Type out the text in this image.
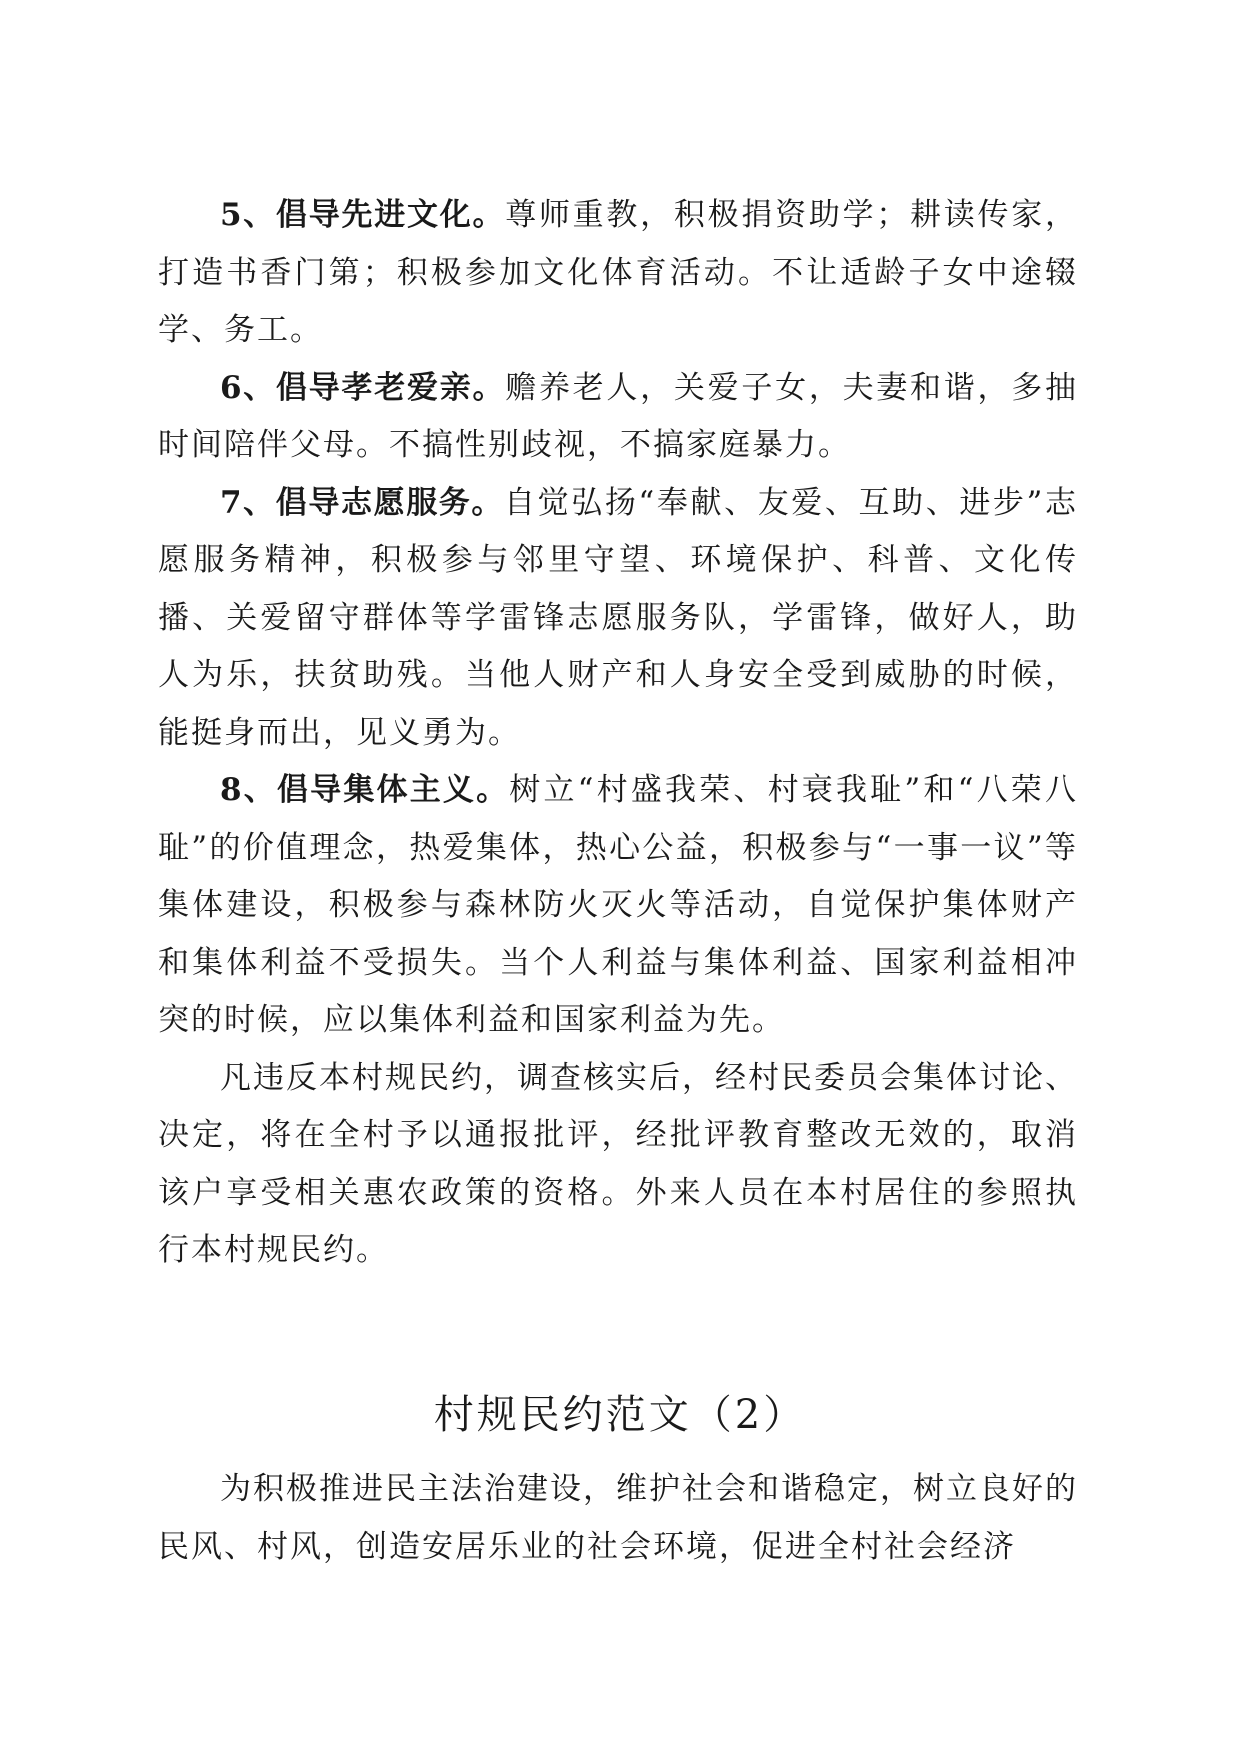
5、倡导先进文化。尊师重教，积极捐资助学；耕读传家，打造书香门第；积极参加文化体育活动。不让适龄子女中途辍学、务工。

6、倡导孝老爱亲。赡养老人，关爱子女，夫妻和谐，多抽时间陪伴父母。不搞性别歧视，不搞家庭暴力。

7、倡导志愿服务。自觉弘扬“奉献、友爱、互助、进步”志愿服务精神，积极参与邻里守望、环境保护、科普、文化传播、关爱留守群体等学雷锋志愿服务队，学雷锋，做好人，助人为乐，扶贫助残。当他人财产和人身安全受到威胁的时候，能挺身而出，见义勇为。

8、倡导集体主义。树立“村盛我荣、村衰我耻”和“八荣八耻”的价值理念，热爱集体，热心公益，积极参与“一事一议”等集体建设，积极参与森林防火灭火等活动，自觉保护集体财产和集体利益不受损失。当个人利益与集体利益、国家利益相冲突的时候，应以集体利益和国家利益为先。

凡违反本村规民约，调查核实后，经村民委员会集体讨论、决定，将在全村予以通报批评，经批评教育整改无效的，取消该户享受相关惠农政策的资格。外来人员在本村居住的参照执行本村规民约。

村规民约范文（2）

为积极推进民主法治建设，维护社会和谐稳定，树立良好的民风、村风，创造安居乐业的社会环境，促进全村社会经济
